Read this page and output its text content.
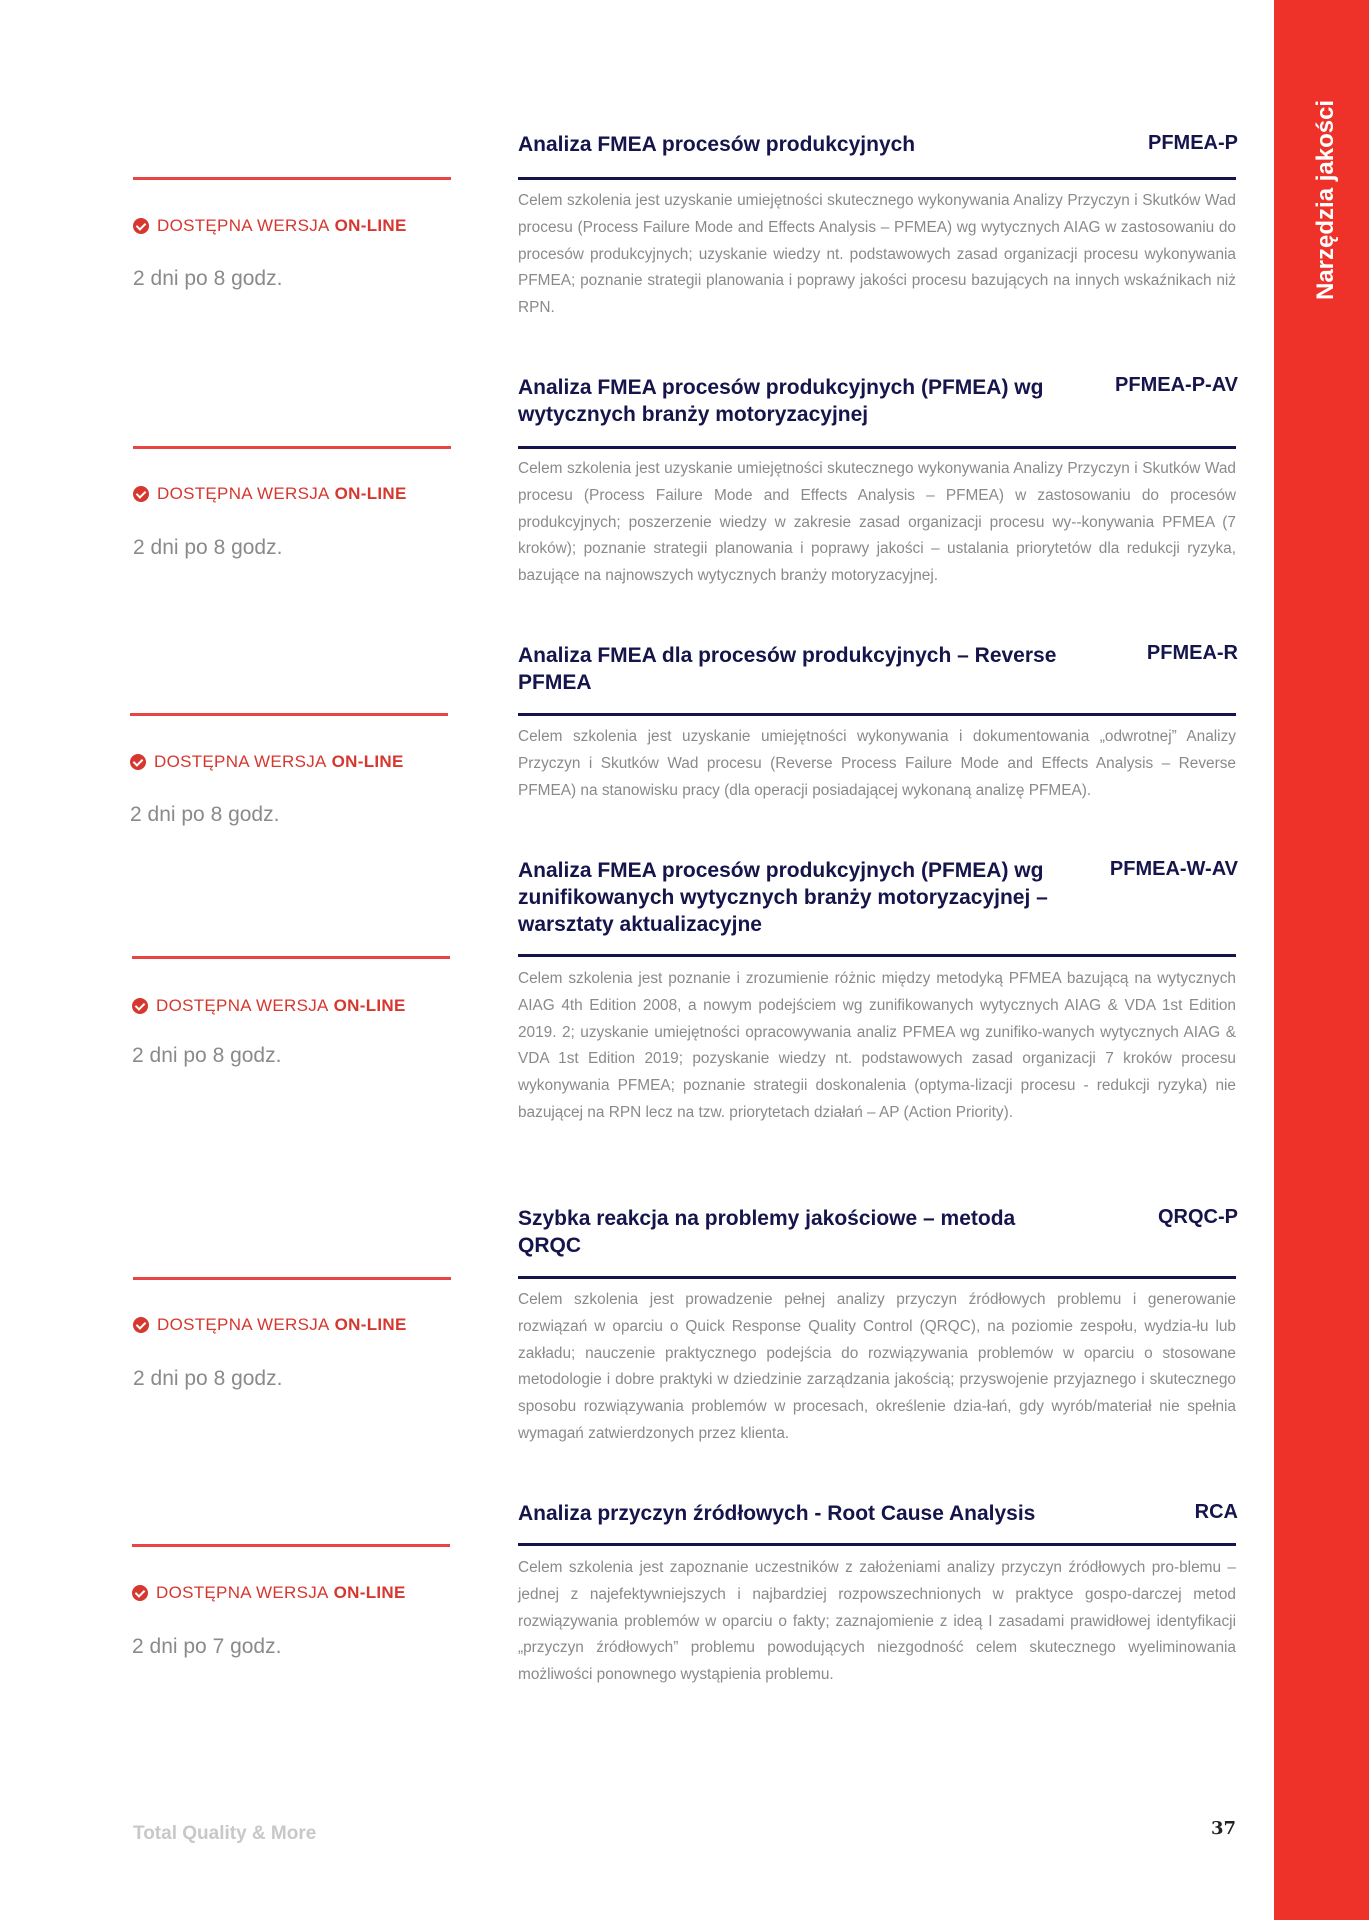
Narzędzia jakości
Analiza FMEA procesów produkcyjnych	PFMEA-P
DOSTĘPNA WERSJA ON-LINE
2 dni po 8 godz.
Celem szkolenia jest uzyskanie umiejętności skutecznego wykonywania Analizy Przyczyn i Skutków Wad procesu (Process Failure Mode and Effects Analysis – PFMEA) wg wytycznych AIAG w zastosowaniu do procesów produkcyjnych; uzyskanie wiedzy nt. podstawowych zasad organizacji procesu wykonywania PFMEA; poznanie strategii planowania i poprawy jakości procesu bazujących na innych wskaźnikach niż RPN.
Analiza FMEA procesów produkcyjnych (PFMEA) wg wytycznych branży motoryzacyjnej
PFMEA-P-AV
DOSTĘPNA WERSJA ON-LINE
2 dni po 8 godz.
Celem szkolenia jest uzyskanie umiejętności skutecznego wykonywania Analizy Przyczyn i Skutków Wad procesu (Process Failure Mode and Effects Analysis – PFMEA) w zastosowaniu do procesów produkcyjnych; poszerzenie wiedzy w zakresie zasad organizacji procesu wy--konywania PFMEA (7 kroków); poznanie strategii planowania i poprawy jakości – ustalania priorytetów dla redukcji ryzyka, bazujące na najnowszych wytycznych branży motoryzacyjnej.
Analiza FMEA dla procesów produkcyjnych – Reverse PFMEA
PFMEA-R
DOSTĘPNA WERSJA ON-LINE
2 dni po 8 godz.
Celem szkolenia jest uzyskanie umiejętności wykonywania i dokumentowania „odwrotnej” Analizy Przyczyn i Skutków Wad procesu (Reverse Process Failure Mode and Effects Analysis – Reverse PFMEA) na stanowisku pracy (dla operacji posiadającej wykonaną analizę PFMEA).
Analiza FMEA procesów produkcyjnych (PFMEA) wg zunifikowanych wytycznych branży motoryzacyjnej – warsztaty aktualizacyjne
PFMEA-W-AV
DOSTĘPNA WERSJA ON-LINE
2 dni po 8 godz.
Celem szkolenia jest poznanie i zrozumienie różnic między metodyką PFMEA bazującą na wytycznych AIAG 4th Edition 2008, a nowym podejściem wg zunifikowanych wytycznych AIAG & VDA 1st Edition 2019. 2; uzyskanie umiejętności opracowywania analiz PFMEA wg zunifiko-wanych wytycznych AIAG & VDA 1st Edition 2019; pozyskanie wiedzy nt. podstawowych zasad organizacji 7 kroków procesu wykonywania PFMEA; poznanie strategii doskonalenia (optyma-lizacji procesu - redukcji ryzyka) nie bazującej na RPN lecz na tzw. priorytetach działań – AP (Action Priority).
Szybka reakcja na problemy jakościowe – metoda QRQC
QRQC-P
DOSTĘPNA WERSJA ON-LINE
2 dni po 8 godz.
Celem szkolenia jest prowadzenie pełnej analizy przyczyn źródłowych problemu i generowanie rozwiązań w oparciu o Quick Response Quality Control (QRQC), na poziomie zespołu, wydzia-łu lub zakładu; nauczenie praktycznego podejścia do rozwiązywania problemów w oparciu o stosowane metodologie i dobre praktyki w dziedzinie zarządzania jakością; przyswojenie przyjaznego i skutecznego sposobu rozwiązywania problemów w procesach, określenie dzia-łań, gdy wyrób/materiał nie spełnia wymagań zatwierdzonych przez klienta.
Analiza przyczyn źródłowych - Root Cause Analysis	RCA
DOSTĘPNA WERSJA ON-LINE
2 dni po 7 godz.
Celem szkolenia jest zapoznanie uczestników z założeniami analizy przyczyn źródłowych pro-blemu – jednej z najefektywniejszych i najbardziej rozpowszechnionych w praktyce gospo-darczej metod rozwiązywania problemów w oparciu o fakty; zaznajomienie z ideą I zasadami prawidłowej identyfikacji „przyczyn źródłowych” problemu powodujących niezgodność celem skutecznego wyeliminowania możliwości ponownego wystąpienia problemu.
Total Quality & More	37
